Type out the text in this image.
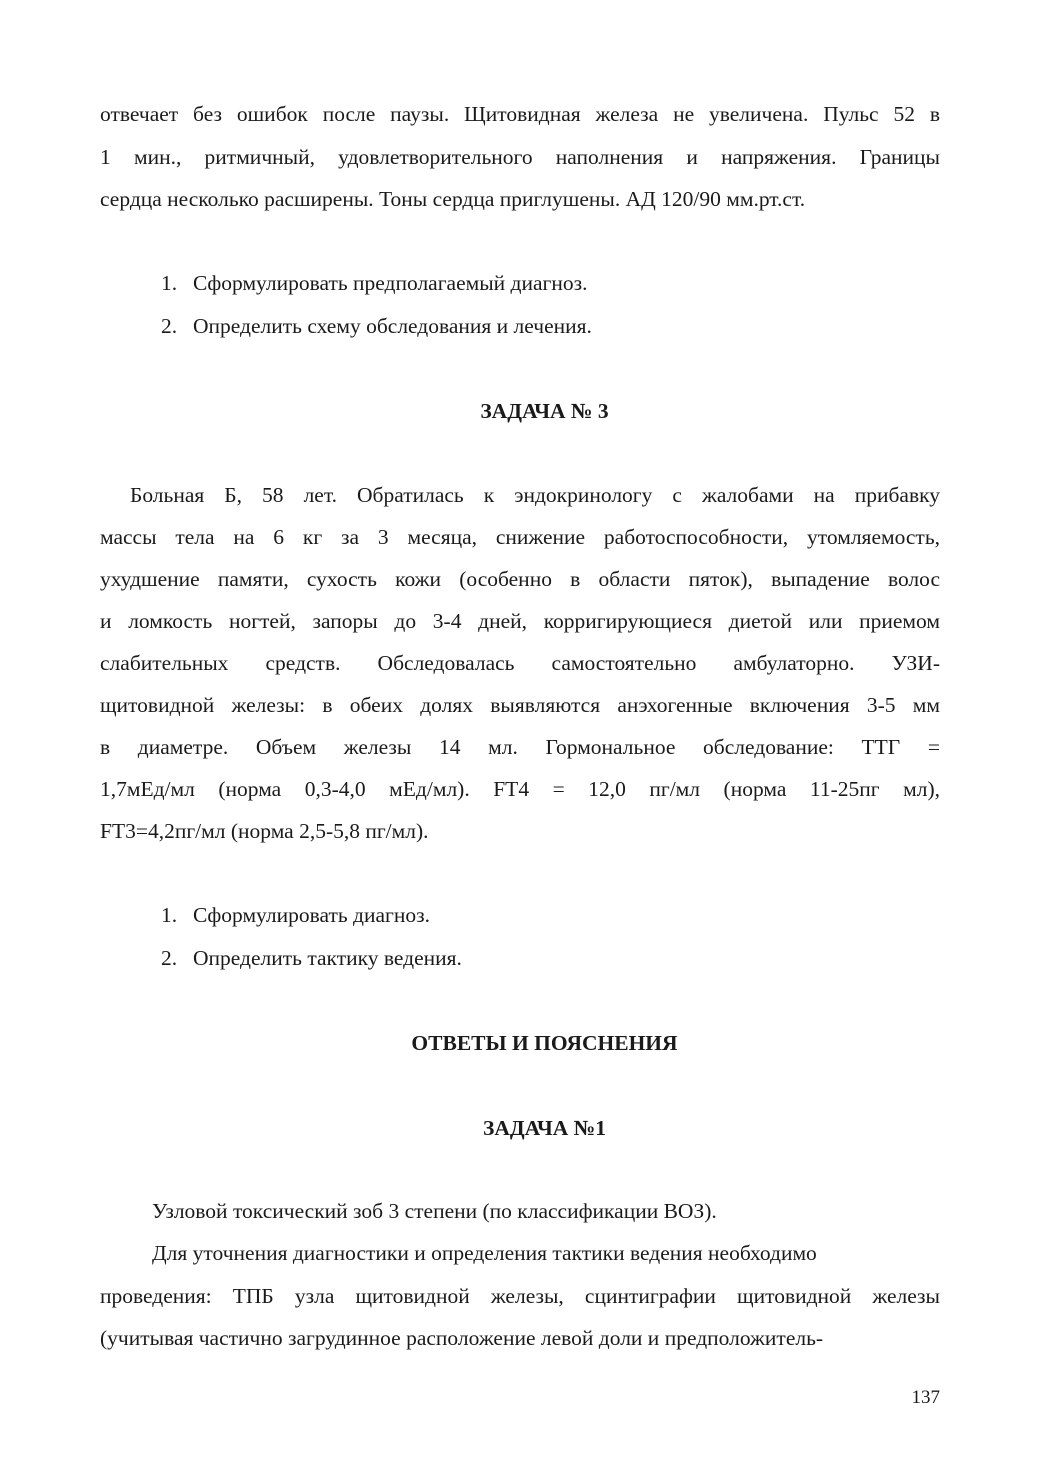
отвечает без ошибок после паузы. Щитовидная железа не увеличена. Пульс 52 в
1 мин., ритмичный, удовлетворительного наполнения и напряжения. Границы
сердца несколько расширены. Тоны сердца приглушены. АД 120/90 мм.рт.ст.
1. Сформулировать предполагаемый диагноз.
2. Определить схему обследования и лечения.
ЗАДАЧА № 3
Больная Б, 58 лет. Обратилась к эндокринологу с жалобами на прибавку
массы тела на 6 кг за 3 месяца, снижение работоспособности, утомляемость,
ухудшение памяти, сухость кожи (особенно в области пяток), выпадение волос
и ломкость ногтей, запоры до 3-4 дней, корригирующиеся диетой или приемом
слабительных средств. Обследовалась самостоятельно амбулаторно. УЗИ-
щитовидной железы: в обеих долях выявляются анэхогенные включения 3-5 мм
в диаметре. Объем железы 14 мл. Гормональное обследование: ТТГ =
1,7мЕд/мл (норма 0,3-4,0 мЕд/мл). FT4 = 12,0 пг/мл (норма 11-25пг мл),
FT3=4,2пг/мл (норма 2,5-5,8 пг/мл).
1. Сформулировать диагноз.
2. Определить тактику ведения.
ОТВЕТЫ И ПОЯСНЕНИЯ
ЗАДАЧА №1
Узловой токсический зоб 3 степени (по классификации ВОЗ).
Для уточнения диагностики и определения тактики ведения необходимо
проведения: ТПБ узла щитовидной железы, сцинтиграфии щитовидной железы
(учитывая частично загрудинное расположение левой доли и предположитель-
137
